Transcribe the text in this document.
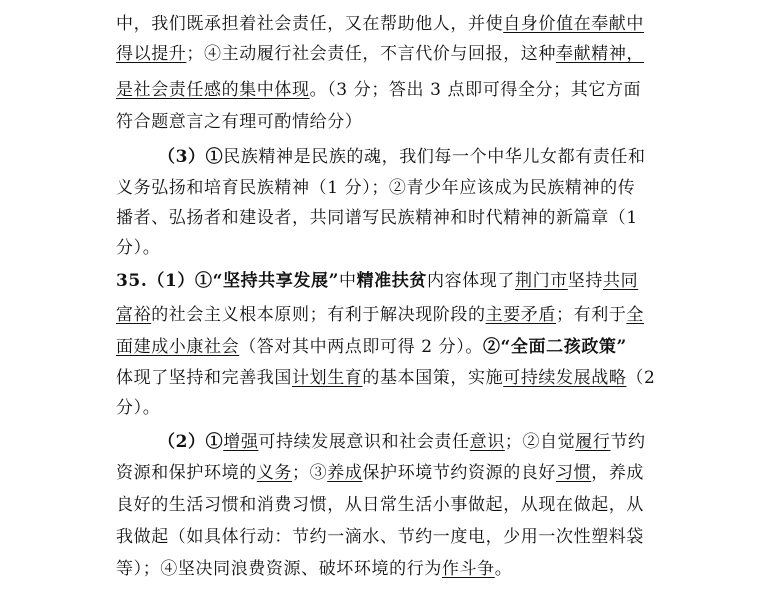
中，我们既承担着社会责任，又在帮助他人，并使自身价值在奉献中
得以提升；④主动履行社会责任，不言代价与回报，这种奉献精神，
是社会责任感的集中体现。（3 分；答出 3 点即可得全分；其它方面
符合题意言之有理可酌情给分）
（3）①民族精神是民族的魂，我们每一个中华儿女都有责任和
义务弘扬和培育民族精神（1 分）；②青少年应该成为民族精神的传
播者、弘扬者和建设者，共同谱写民族精神和时代精神的新篇章（1
分）。
35.（1）①“坚持共享发展”中精准扶贫内容体现了荆门市坚持共同
富裕的社会主义根本原则；有利于解决现阶段的主要矛盾；有利于全
面建成小康社会（答对其中两点即可得 2 分）。②“全面二孩政策”
体现了坚持和完善我国计划生育的基本国策，实施可持续发展战略（2
分）。
（2）①增强可持续发展意识和社会责任意识；②自觉履行节约
资源和保护环境的义务；③养成保护环境节约资源的良好习惯，养成
良好的生活习惯和消费习惯，从日常生活小事做起，从现在做起，从
我做起（如具体行动：节约一滴水、节约一度电，少用一次性塑料袋
等）；④坚决同浪费资源、破坏环境的行为作斗争。
